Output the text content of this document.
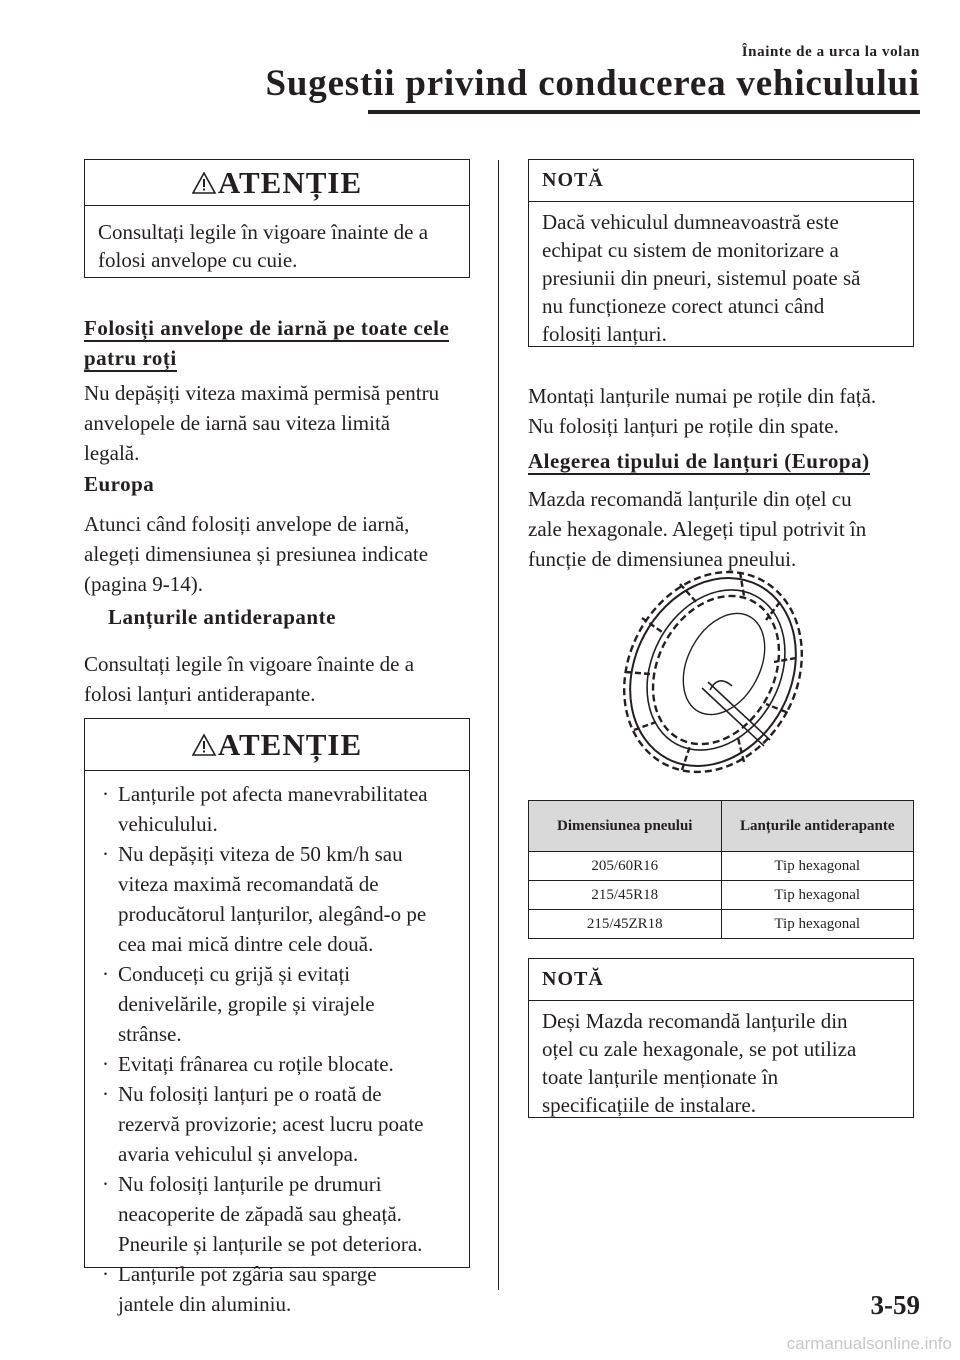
Înainte de a urca la volan
Sugestii privind conducerea vehiculului
ATENȚIE
Consultați legile în vigoare înainte de a
folosi anvelope cu cuie.
Folosiți anvelope de iarnă pe toate cele
patru roți
Nu depășiți viteza maximă permisă pentru
anvelopele de iarnă sau viteza limită
legală.
Europa
Atunci când folosiți anvelope de iarnă,
alegeți dimensiunea și presiunea indicate
(pagina 9-14).
Lanțurile antiderapante
Consultați legile în vigoare înainte de a
folosi lanțuri antiderapante.
ATENȚIE
· Lanțurile pot afecta manevrabilitatea
vehiculului.
· Nu depășiți viteza de 50 km/h sau
viteza maximă recomandată de
producătorul lanțurilor, alegând-o pe
cea mai mică dintre cele două.
· Conduceți cu grijă și evitați
denivelările, gropile și virajele
strânse.
· Evitați frânarea cu roțile blocate.
· Nu folosiți lanțuri pe o roată de
rezervă provizorie; acest lucru poate
avaria vehiculul și anvelopa.
· Nu folosiți lanțurile pe drumuri
neacoperite de zăpadă sau gheață.
Pneurile și lanțurile se pot deteriora.
· Lanțurile pot zgâria sau sparge
jantele din aluminiu.
NOTĂ
Dacă vehiculul dumneavoastră este
echipat cu sistem de monitorizare a
presiunii din pneuri, sistemul poate să
nu funcționeze corect atunci când
folosiți lanțuri.
Montați lanțurile numai pe roțile din față.
Nu folosiți lanțuri pe roțile din spate.
Alegerea tipului de lanțuri (Europa)
Mazda recomandă lanțurile din oțel cu
zale hexagonale. Alegeți tipul potrivit în
funcție de dimensiunea pneului.
Dimensiunea pneului	Lanțurile antiderapante
205/60R16	Tip hexagonal
215/45R18	Tip hexagonal
215/45ZR18	Tip hexagonal
NOTĂ
Deși Mazda recomandă lanțurile din
oțel cu zale hexagonale, se pot utiliza
toate lanțurile menționate în
specificațiile de instalare.
3-59
carmanualsonline.info
